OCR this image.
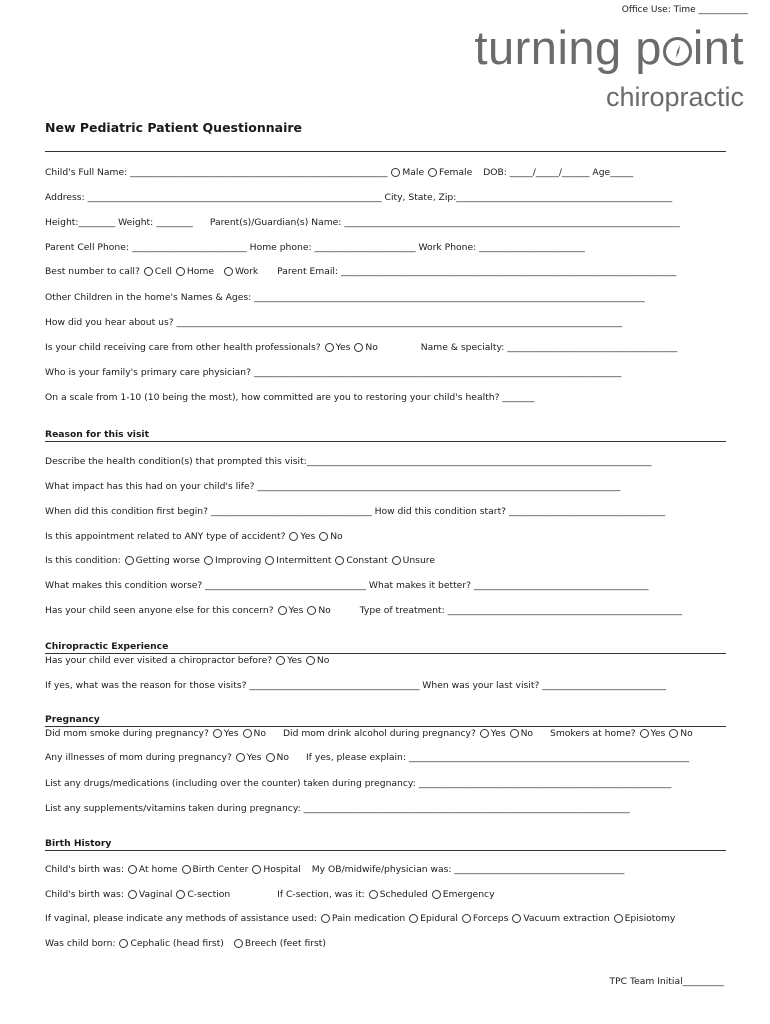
Office Use: Time ___________
turning p int
chiropractic
New Pediatric Patient Questionnaire
Child's Full Name: ________________________________________________________ Male Female DOB: _____/_____/______ Age_____
Address: ________________________________________________________________ City, State, Zip:_______________________________________________
Height:________ Weight: ________ Parent(s)/Guardian(s) Name: _________________________________________________________________________
Parent Cell Phone: _________________________ Home phone: ______________________ Work Phone: _______________________
Best number to call? Cell Home Work Parent Email: _________________________________________________________________________
Other Children in the home's Names & Ages: _____________________________________________________________________________________
How did you hear about us? _________________________________________________________________________________________________
Is your child receiving care from other health professionals? Yes No	Name & specialty: _____________________________________
Who is your family's primary care physician? ________________________________________________________________________________
On a scale from 1-10 (10 being the most), how committed are you to restoring your child's health? _______
Reason for this visit
Describe the health condition(s) that prompted this visit:___________________________________________________________________________
What impact has this had on your child's life? _______________________________________________________________________________
When did this condition first begin? ___________________________________ How did this condition start? __________________________________
Is this appointment related to ANY type of accident? Yes No
Is this condition: Getting worse Improving Intermittent Constant Unsure
What makes this condition worse? ___________________________________ What makes it better? ______________________________________
Has your child seen anyone else for this concern? Yes No	Type of treatment: ___________________________________________________
Chiropractic Experience
Has your child ever visited a chiropractor before? Yes No
If yes, what was the reason for those visits? _____________________________________ When was your last visit? ___________________________
Pregnancy
Did mom smoke during pregnancy? Yes No Did mom drink alcohol during pregnancy? Yes No Smokers at home? Yes No
Any illnesses of mom during pregnancy? Yes No If yes, please explain: _____________________________________________________________
List any drugs/medications (including over the counter) taken during pregnancy: _______________________________________________________
List any supplements/vitamins taken during pregnancy: _______________________________________________________________________
Birth History
Child's birth was: At home Birth Center Hospital My OB/midwife/physician was: _____________________________________
Child's birth was: Vaginal C-section	If C-section, was it: Scheduled Emergency
If vaginal, please indicate any methods of assistance used: Pain medication Epidural Forceps Vacuum extraction Episiotomy
Was child born: Cephalic (head first) Breech (feet first)
TPC Team Initial_________
